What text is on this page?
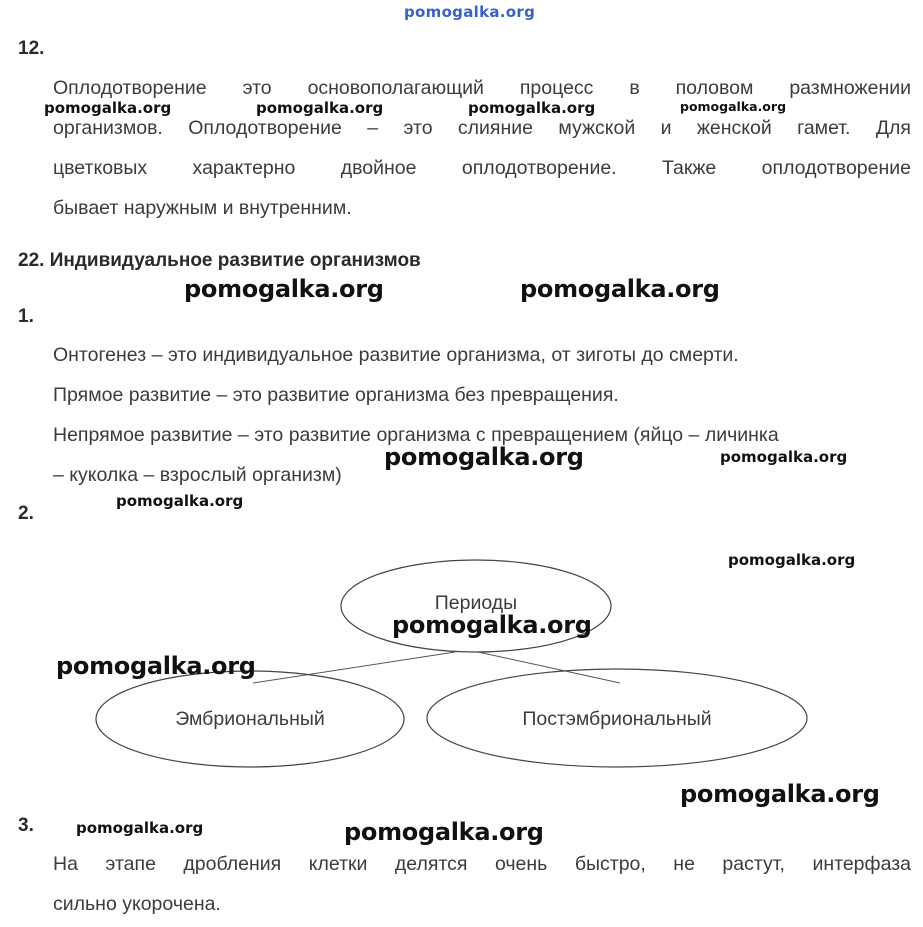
pomogalka.org
12.
Оплодотворение это основополагающий процесс в половом размножении
организмов. Оплодотворение – это слияние мужской и женской гамет. Для
цветковых характерно двойное оплодотворение. Также оплодотворение
бывает наружным и внутренним.
22. Индивидуальное развитие организмов
1.
Онтогенез – это индивидуальное развитие организма, от зиготы до смерти.
Прямое развитие – это развитие организма без превращения.
Непрямое развитие – это развитие организма с превращением (яйцо – личинка
– куколка – взрослый организм)
2.
Периоды
Эмбриональный	Постэмбриональный
3.
На этапе дробления клетки делятся очень быстро, не растут, интерфаза
сильно укорочена.
pomogalka.org	pomogalka.org	pomogalka.org	pomogalka.org
pomogalka.org	pomogalka.org
pomogalka.org	pomogalka.org
pomogalka.org
pomogalka.org
pomogalka.org
pomogalka.org
pomogalka.org
pomogalka.org	pomogalka.org
